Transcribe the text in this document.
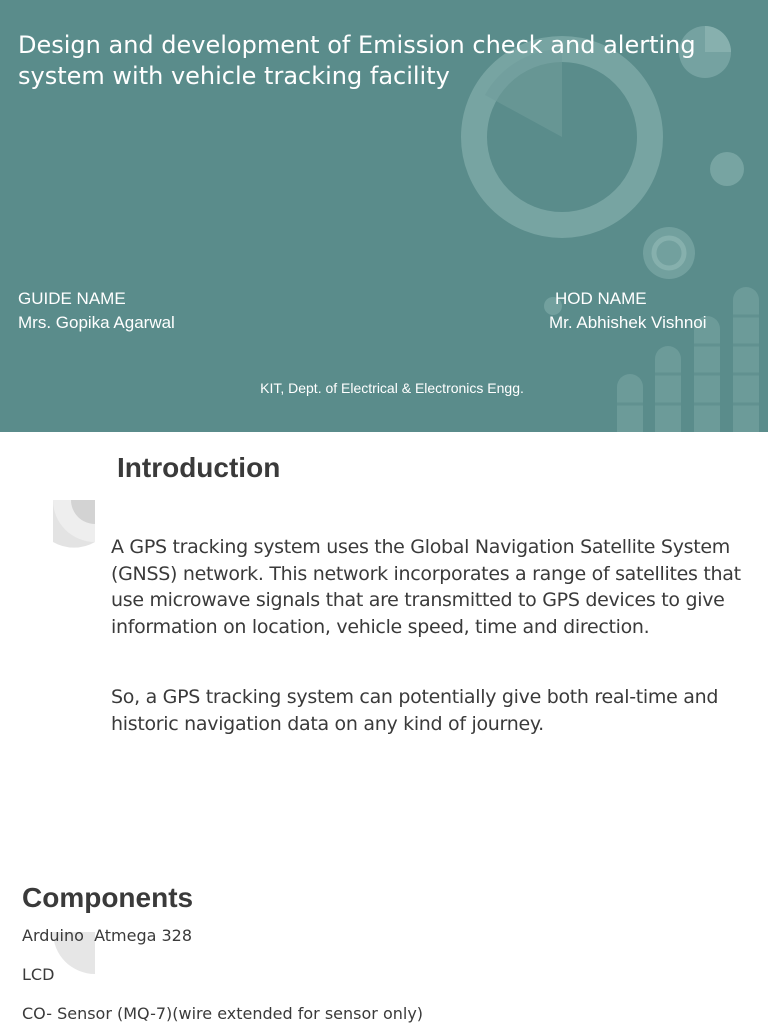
Design and development of Emission check and alerting system with vehicle tracking facility
GUIDE NAME
Mrs. Gopika Agarwal
HOD NAME
Mr. Abhishek Vishnoi
KIT, Dept. of Electrical & Electronics Engg.
Introduction

A GPS tracking system uses the Global Navigation Satellite System (GNSS) network. This network incorporates a range of satellites that use microwave signals that are transmitted to GPS devices to give information on location, vehicle speed, time and direction.

So, a GPS tracking system can potentially give both real-time and historic navigation data on any kind of journey.

Components
Arduino  Atmega 328
LCD
CO- Sensor (MQ-7)(wire extended for sensor only)
